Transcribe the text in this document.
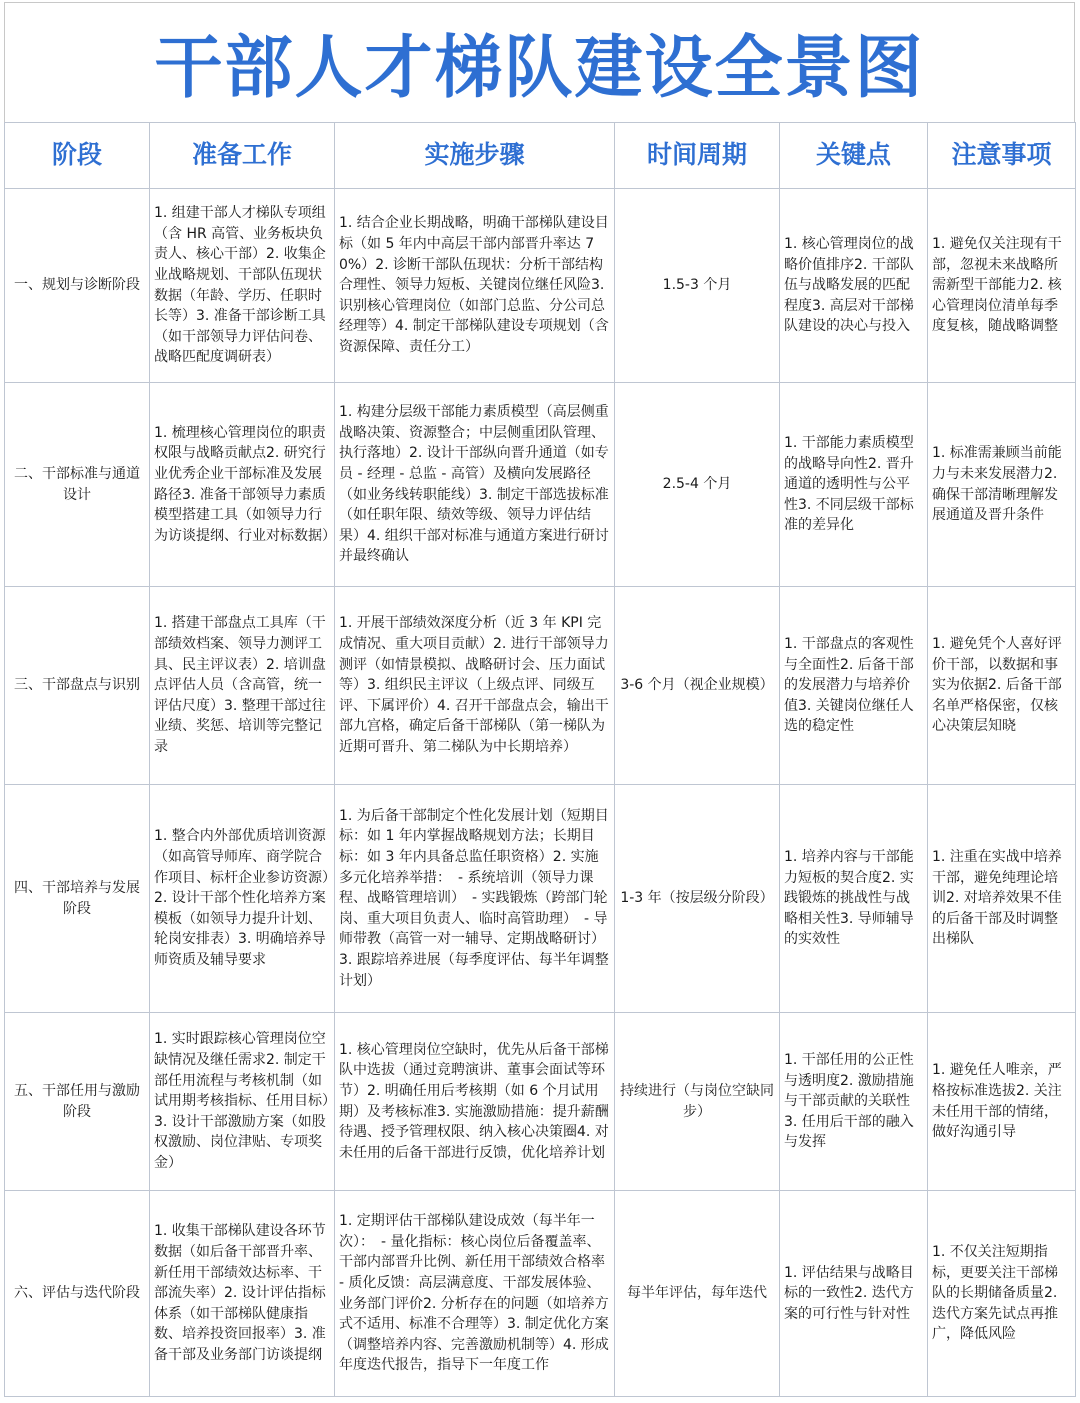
干部人才梯队建设全景图
阶段	准备工作	实施步骤	时间周期	关键点	注意事项
一、规划与诊断阶段	1. 组建干部人才梯队专项组（含 HR 高管、业务板块负责人、核心干部）2. 收集企业战略规划、干部队伍现状数据（年龄、学历、任职时长等）3. 准备干部诊断工具（如干部领导力评估问卷、战略匹配度调研表）	1. 结合企业长期战略，明确干部梯队建设目标（如 5 年内中高层干部内部晋升率达 70%）2. 诊断干部队伍现状：分析干部结构合理性、领导力短板、关键岗位继任风险3. 识别核心管理岗位（如部门总监、分公司总经理等）4. 制定干部梯队建设专项规划（含资源保障、责任分工）	1.5-3 个月	1. 核心管理岗位的战略价值排序2. 干部队伍与战略发展的匹配程度3. 高层对干部梯队建设的决心与投入	1. 避免仅关注现有干部，忽视未来战略所需新型干部能力2. 核心管理岗位清单每季度复核，随战略调整
二、干部标准与通道设计	1. 梳理核心管理岗位的职责权限与战略贡献点2. 研究行业优秀企业干部标准及发展路径3. 准备干部领导力素质模型搭建工具（如领导力行为访谈提纲、行业对标数据）	1. 构建分层级干部能力素质模型（高层侧重战略决策、资源整合；中层侧重团队管理、执行落地）2. 设计干部纵向晋升通道（如专员 - 经理 - 总监 - 高管）及横向发展路径（如业务线转职能线）3. 制定干部选拔标准（如任职年限、绩效等级、领导力评估结果）4. 组织干部对标准与通道方案进行研讨并最终确认	2.5-4 个月	1. 干部能力素质模型的战略导向性2. 晋升通道的透明性与公平性3. 不同层级干部标准的差异化	1. 标准需兼顾当前能力与未来发展潜力2. 确保干部清晰理解发展通道及晋升条件
三、干部盘点与识别	1. 搭建干部盘点工具库（干部绩效档案、领导力测评工具、民主评议表）2. 培训盘点评估人员（含高管，统一评估尺度）3. 整理干部过往业绩、奖惩、培训等完整记录	1. 开展干部绩效深度分析（近 3 年 KPI 完成情况、重大项目贡献）2. 进行干部领导力测评（如情景模拟、战略研讨会、压力面试等）3. 组织民主评议（上级点评、同级互评、下属评价）4. 召开干部盘点会，输出干部九宫格，确定后备干部梯队（第一梯队为近期可晋升、第二梯队为中长期培养）	3-6 个月（视企业规模）	1. 干部盘点的客观性与全面性2. 后备干部的发展潜力与培养价值3. 关键岗位继任人选的稳定性	1. 避免凭个人喜好评价干部，以数据和事实为依据2. 后备干部名单严格保密，仅核心决策层知晓
四、干部培养与发展阶段	1. 整合内外部优质培训资源（如高管导师库、商学院合作项目、标杆企业参访资源）2. 设计干部个性化培养方案模板（如领导力提升计划、轮岗安排表）3. 明确培养导师资质及辅导要求	1. 为后备干部制定个性化发展计划（短期目标：如 1 年内掌握战略规划方法；长期目标：如 3 年内具备总监任职资格）2. 实施多元化培养举措：　- 系统培训（领导力课程、战略管理培训）　- 实践锻炼（跨部门轮岗、重大项目负责人、临时高管助理）　- 导师带教（高管一对一辅导、定期战略研讨）3. 跟踪培养进展（每季度评估、每半年调整计划）	1-3 年（按层级分阶段）	1. 培养内容与干部能力短板的契合度2. 实践锻炼的挑战性与战略相关性3. 导师辅导的实效性	1. 注重在实战中培养干部，避免纯理论培训2. 对培养效果不佳的后备干部及时调整出梯队
五、干部任用与激励阶段	1. 实时跟踪核心管理岗位空缺情况及继任需求2. 制定干部任用流程与考核机制（如试用期考核指标、任用目标）3. 设计干部激励方案（如股权激励、岗位津贴、专项奖金）	1. 核心管理岗位空缺时，优先从后备干部梯队中选拔（通过竞聘演讲、董事会面试等环节）2. 明确任用后考核期（如 6 个月试用期）及考核标准3. 实施激励措施：提升薪酬待遇、授予管理权限、纳入核心决策圈4. 对未任用的后备干部进行反馈，优化培养计划	持续进行（与岗位空缺同步）	1. 干部任用的公正性与透明度2. 激励措施与干部贡献的关联性3. 任用后干部的融入与发挥	1. 避免任人唯亲，严格按标准选拔2. 关注未任用干部的情绪，做好沟通引导
六、评估与迭代阶段	1. 收集干部梯队建设各环节数据（如后备干部晋升率、新任用干部绩效达标率、干部流失率）2. 设计评估指标体系（如干部梯队健康指数、培养投资回报率）3. 准备干部及业务部门访谈提纲	1. 定期评估干部梯队建设成效（每半年一次）：　- 量化指标：核心岗位后备覆盖率、干部内部晋升比例、新任用干部绩效合格率　- 质化反馈：高层满意度、干部发展体验、业务部门评价2. 分析存在的问题（如培养方式不适用、标准不合理等）3. 制定优化方案（调整培养内容、完善激励机制等）4. 形成年度迭代报告，指导下一年度工作	每半年评估，每年迭代	1. 评估结果与战略目标的一致性2. 迭代方案的可行性与针对性	1. 不仅关注短期指标，更要关注干部梯队的长期储备质量2. 迭代方案先试点再推广，降低风险
